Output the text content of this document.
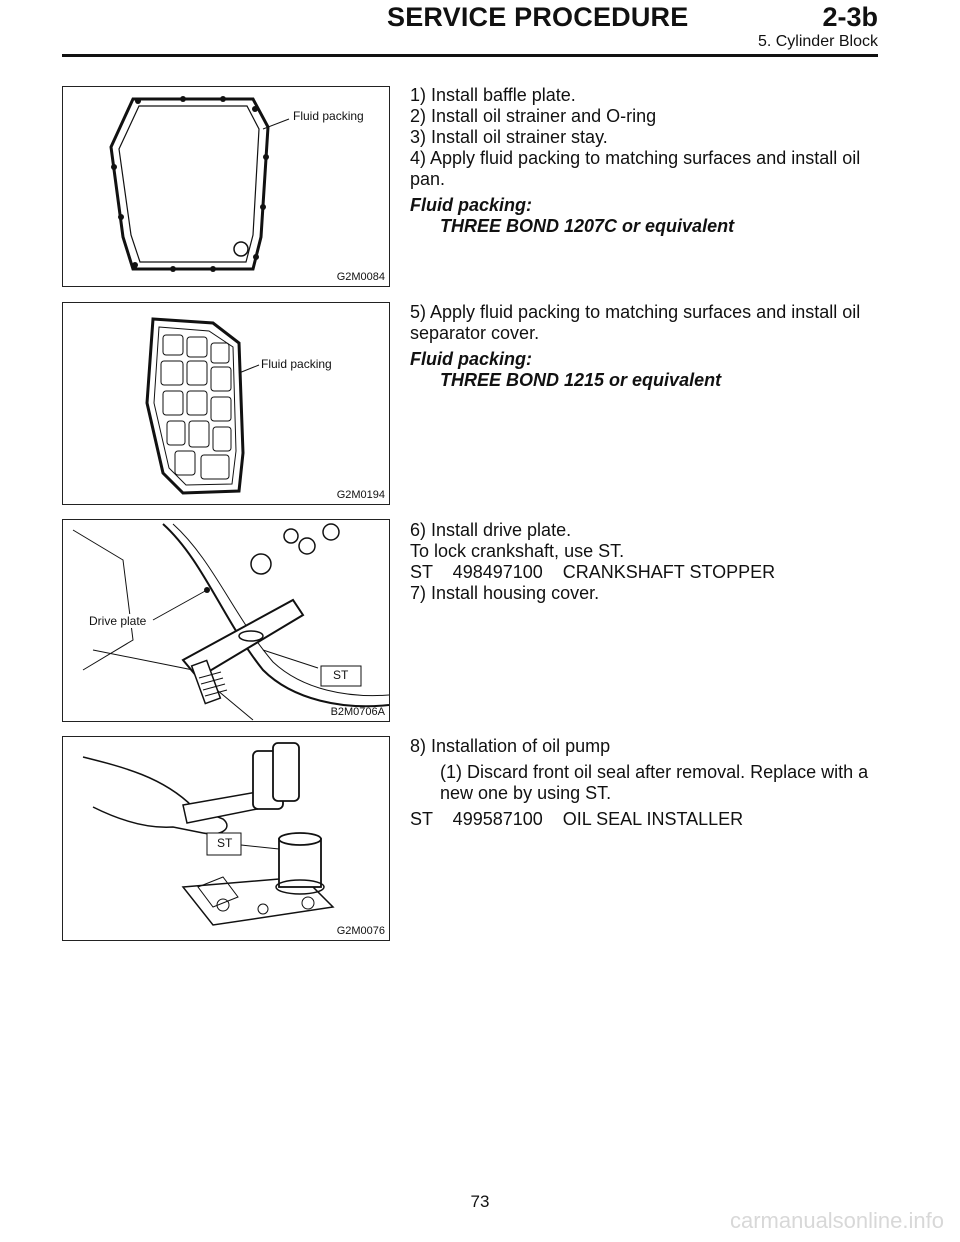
SERVICE PROCEDURE	2-3b
5. Cylinder Block
Fluid packing
G2M0084
Fluid packing
G2M0194
Drive plate
ST
B2M0706A
ST
G2M0076
1) Install baffle plate.
2) Install oil strainer and O-ring
3) Install oil strainer stay.
4) Apply fluid packing to matching surfaces and install oil
pan.
Fluid packing:
THREE BOND 1207C or equivalent
5) Apply fluid packing to matching surfaces and install oil
separator cover.
Fluid packing:
THREE BOND 1215 or equivalent
6) Install drive plate.
To lock crankshaft, use ST.
ST    498497100    CRANKSHAFT STOPPER
7) Install housing cover.
8) Installation of oil pump
(1) Discard front oil seal after removal. Replace with a
new one by using ST.
ST    499587100    OIL SEAL INSTALLER
73
carmanualsonline.info
